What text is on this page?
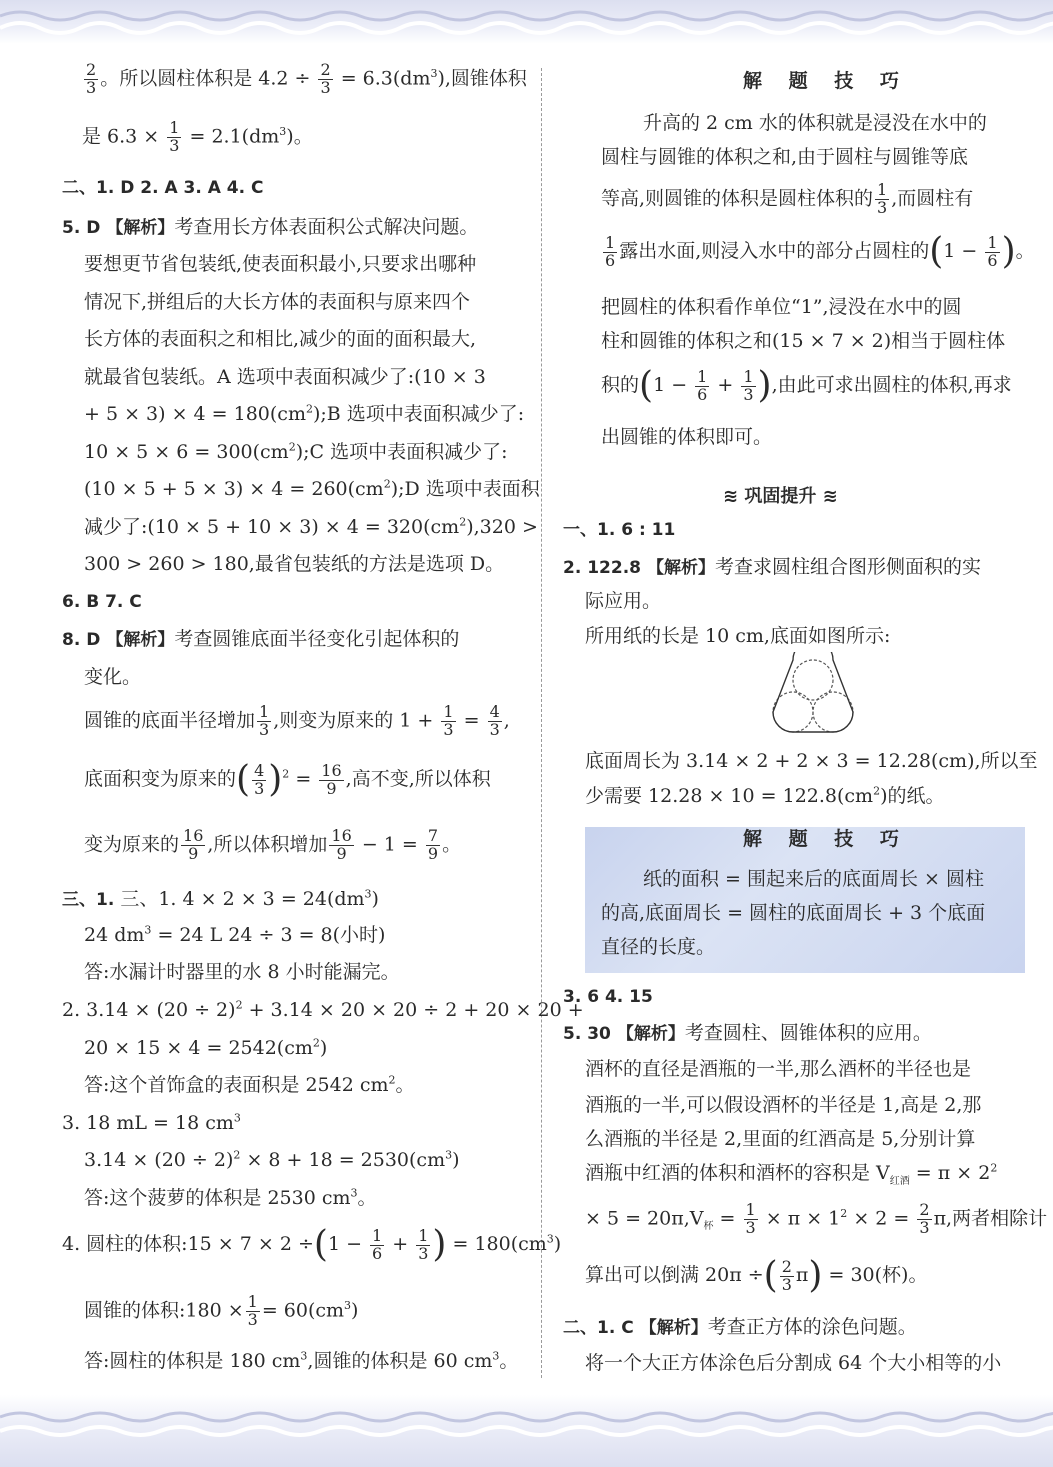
$\frac{2}{3}$ 。所以圆柱体积是 $4.2 \div \frac{2}{3} = 6.3(dm^3)$,圆锥体积
是 $6.3 \times \frac{1}{3} = 2.1(dm^3)$。
二、1. D 2. A 3. A 4. C
5. D 【解析】考查用长方体表面积公式解决问题。
要想更节省包装纸,使表面积最小,只要求出哪种
情况下,拼组后的大长方体的表面积与原来四个
长方体的表面积之和相比,减少的面的面积最大,
就最省包装纸。A 选项中表面积减少了:(10 × 3
+ $5 \times 3) \times 4 = 180(cm^2);B$ 选项中表面积减少了:
$10 \times 5 \times 6 = 300(cm^2);C$ 选项中表面积减少了:
$(10 \times 5 + 5 \times 3) \times 4 = 260(cm^2);D$ 选项中表面积
减少了:(10 × $5 + 10 \times 3) \times 4 = 320(cm^2),320$ >
300 > 260 > 180,最省包装纸的方法是选项 D。
6. B 7. C
8. D 【解析】考查圆锥底面半径变化引起体积的
变化。
圆锥的底面半径增加 $\frac{1}{3}$ ,则变为原来的 $1 + \frac{1}{3} = \frac{4}{3}$ ,
底面积变为原来的( $\frac{4}{3} )^2 = \frac{16}{9}$ ,高不变,所以体积
变为原来的 $\frac{16}{9}$ ,所以体积增加 $\frac{16}{9} - 1 = \frac{7}{9}$ 。
三、1. 三、1. $4 \times 2 \times 3 = 24(dm^3)$
24 $dm^3 = 24$ L 24 ÷ 3 = 8(小时)
答:水漏计时器里的水 8 小时能漏完。
2. $3.14 \times (20 \div 2)^2 + 3.14 \times 20 \times 20 \div 2 + 20 \times 20$ +
$20 \times 15 \times 4 = 2542(cm^2)$
答:这个首饰盒的表面积是 2542 $cm^2$。
3. 18 mL = 18 $cm^3$
$3.14 \times (20 \div 2)^2 \times 8 + 18 = 2530(cm^3)$
答:这个菠萝的体积是 2530 $cm^3$。
4. 圆柱的体积:15 × $7 \times 2 \div(1 - \frac{1}{6} + \frac{1}{3}$ ) = $180(cm^3)$
圆锥的体积:180 × $\frac{1}{3} = 60(cm^3)$
答:圆柱的体积是 180 $cm^3$,圆锥的体积是 60 $cm^3$。
解 题 技 巧
升高的 2 cm 水的体积就是浸没在水中的
圆柱与圆锥的体积之和,由于圆柱与圆锥等底
等高,则圆锥的体积是圆柱体积的 $\frac{1}{3}$ ,而圆柱有
$\frac{1}{6}$ 露出水面,则浸入水中的部分占圆柱的($1 - \frac{1}{6}$ )。
把圆柱的体积看作单位“1”,浸没在水中的圆
柱和圆锥的体积之和(15 × 7 × 2)相当于圆柱体
积的($1 - \frac{1}{6} + \frac{1}{3}$ ),由此可求出圆柱的体积,再求
出圆锥的体积即可。
≋ 巩固提升 ≋
一、1. 6 : 11
2. 122.8 【解析】考查求圆柱组合图形侧面积的实
际应用。
所用纸的长是 10 cm,底面如图所示:
底面周长为 3.14 × 2 + 2 × 3 = 12.28(cm),所以至
少需要 $12.28 \times 10 = 122.8(cm^2)$的纸。
解 题 技 巧
纸的面积 = 围起来后的底面周长 × 圆柱
的高,底面周长 = 圆柱的底面周长 + 3 个底面
直径的长度。
3. 6 4. 15
5. 30 【解析】考查圆柱、圆锥体积的应用。
酒杯的直径是酒瓶的一半,那么酒杯的半径也是
酒瓶的一半,可以假设酒杯的半径是 1,高是 2,那
么酒瓶的半径是 2,里面的红酒高是 5,分别计算
酒瓶中红酒的体积和酒杯的容积是 $V_{红酒} = \pi \times 2^2$
× $5 = 20\pi,V_杯 = \frac{1}{3} \times \pi \times 1^2 \times 2 = \frac{2}{3} \pi$,两者相除计
算出可以倒满 20π ÷( $\frac{2}{3} \pi) = 30$(杯)。
二、1. C 【解析】考查正方体的涂色问题。
将一个大正方体涂色后分割成 64 个大小相等的小
